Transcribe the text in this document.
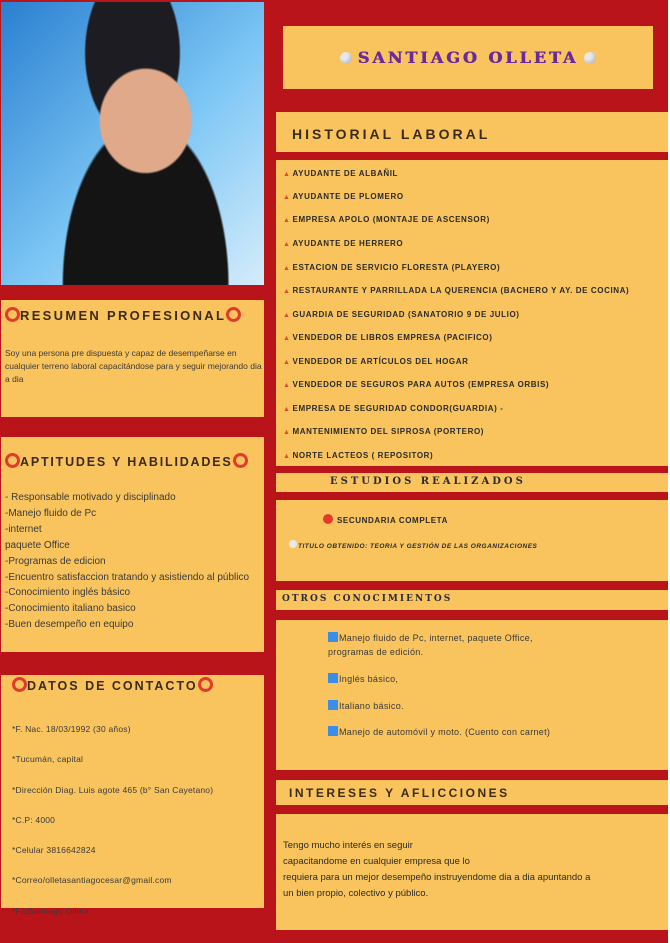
SANTIAGO OLLETA
HISTORIAL LABORAL
▲ AYUDANTE DE ALBAÑIL
▲ AYUDANTE DE PLOMERO
▲ EMPRESA APOLO (MONTAJE DE ASCENSOR)
▲ AYUDANTE DE HERRERO
▲ ESTACION DE SERVICIO FLORESTA (PLAYERO)
▲ RESTAURANTE Y PARRILLADA LA QUERENCIA (BACHERO Y AY. DE COCINA)
▲ GUARDIA DE SEGURIDAD (SANATORIO 9 DE JULIO)
▲ VENDEDOR DE LIBROS EMPRESA (PACIFICO)
▲ VENDEDOR DE ARTÍCULOS DEL HOGAR
▲ VENDEDOR DE SEGUROS PARA AUTOS (EMPRESA ORBIS)
▲ EMPRESA DE SEGURIDAD CONDOR(GUARDIA) -
▲ MANTENIMIENTO DEL SIPROSA (PORTERO)
▲ NORTE LACTEOS ( REPOSITOR)
ESTUDIOS REALIZADOS
SECUNDARIA COMPLETA
TITULO OBTENIDO: TEORIA Y GESTIÓN DE LAS ORGANIZACIONES
OTROS CONOCIMIENTOS
Manejo fluido de Pc, internet, paquete Office,
programas de edición.
Inglés básico,
Italiano básico.
Manejo de automóvil y moto. (Cuento con carnet)
INTERESES Y AFLICCIONES
Tengo mucho interés en seguir
capacitandome en cualquier empresa que lo
requiera para un mejor desempeño instruyendome dia a dia apuntando a
un bien propio, colectivo y público.
RESUMEN PROFESIONAL
Soy una persona pre dispuesta y capaz de desempeñarse en cualquier terreno laboral capacitándose para y seguir mejorando dia a dia
APTITUDES Y HABILIDADES
- Responsable motivado y disciplinado
-Manejo fluido de Pc
-internet
paquete Office
-Programas de edicion
-Encuentro satisfaccion tratando y asistiendo al público
-Conocimiento inglés básico
-Conocimiento italiano basico
-Buen desempeño en equipo
DATOS DE CONTACTO
*F. Nac. 18/03/1992 (30 años)
*Tucumán, capital
*Dirección Diag. Luis agote 465 (b° San Cayetano)
*C.P: 4000
*Celular 3816642824
*Correo/olletasantiagocesar@gmail.com
*Fc/Santiago Olleta
